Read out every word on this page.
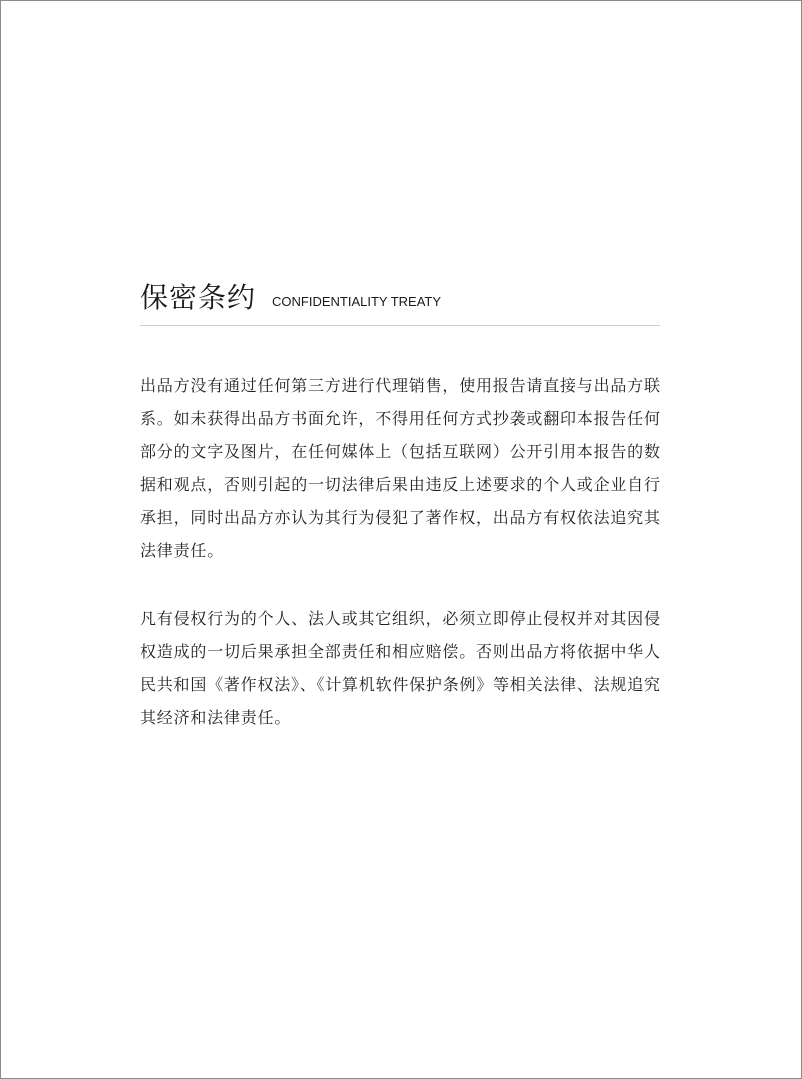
保密条约 CONFIDENTIALITY TREATY
出品方没有通过任何第三方进行代理销售，使用报告请直接与出品方联
系。如未获得出品方书面允许，不得用任何方式抄袭或翻印本报告任何
部分的文字及图片，在任何媒体上（包括互联网）公开引用本报告的数
据和观点，否则引起的一切法律后果由违反上述要求的个人或企业自行
承担，同时出品方亦认为其行为侵犯了著作权，出品方有权依法追究其
法律责任。
凡有侵权行为的个人、法人或其它组织，必须立即停止侵权并对其因侵
权造成的一切后果承担全部责任和相应赔偿。否则出品方将依据中华人
民共和国《著作权法》、《计算机软件保护条例》等相关法律、法规追究
其经济和法律责任。
